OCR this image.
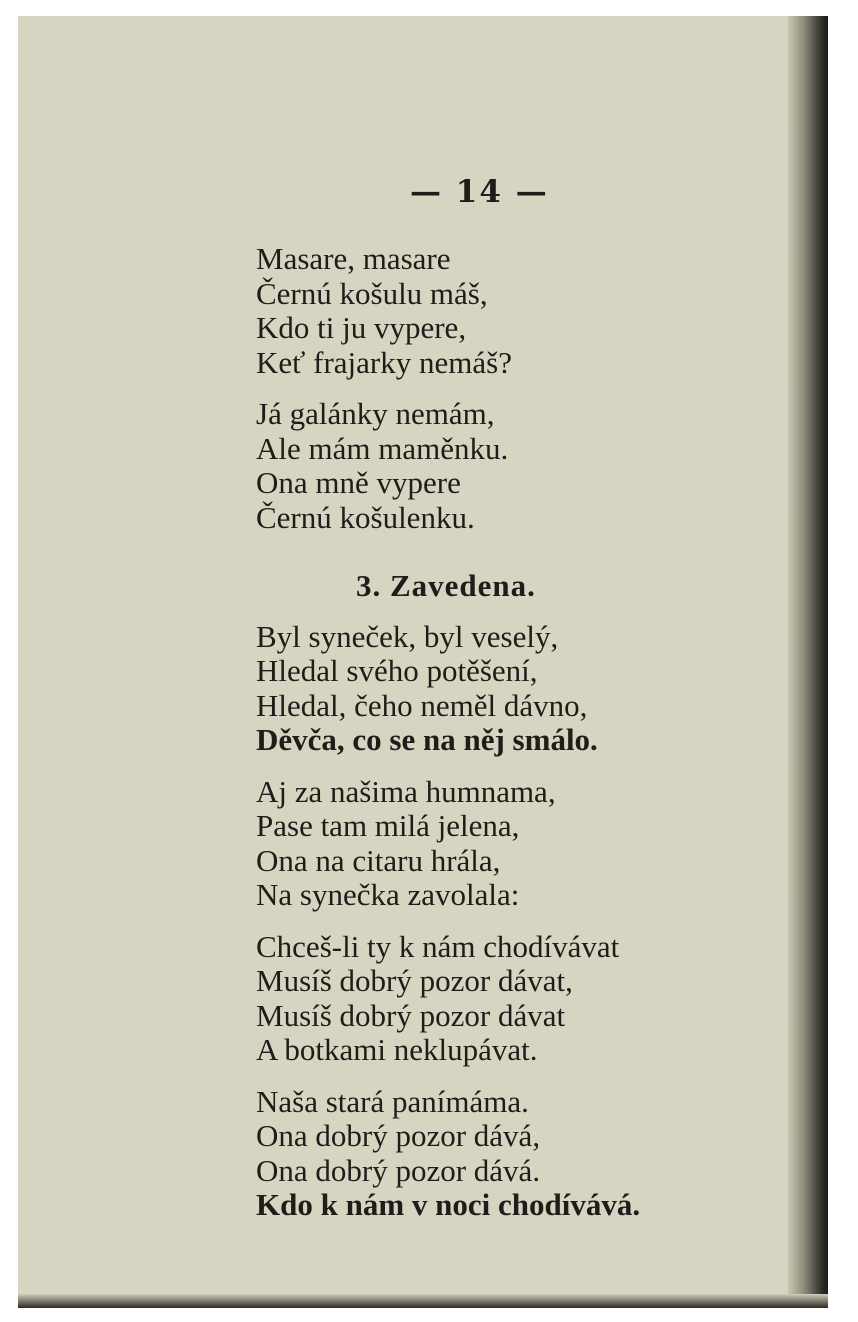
— 14 —
Masare, masare
Černú košulu máš,
Kdo ti ju vypere,
Keť frajarky nemáš?
Já galánky nemám,
Ale mám maměnku.
Ona mně vypere
Černú košulenku.
3. Zavedena.
Byl syneček, byl veselý,
Hledal svého potěšení,
Hledal, čeho neměl dávno,
Děvča, co se na něj smálo.
Aj za našima humnama,
Pase tam milá jelena,
Ona na citaru hrála,
Na synečka zavolala:
Chceš-li ty k nám chodívávat
Musíš dobrý pozor dávat,
Musíš dobrý pozor dávat
A botkami neklupávat.
Naša stará panímáma.
Ona dobrý pozor dává,
Ona dobrý pozor dává.
Kdo k nám v noci chodívává.
